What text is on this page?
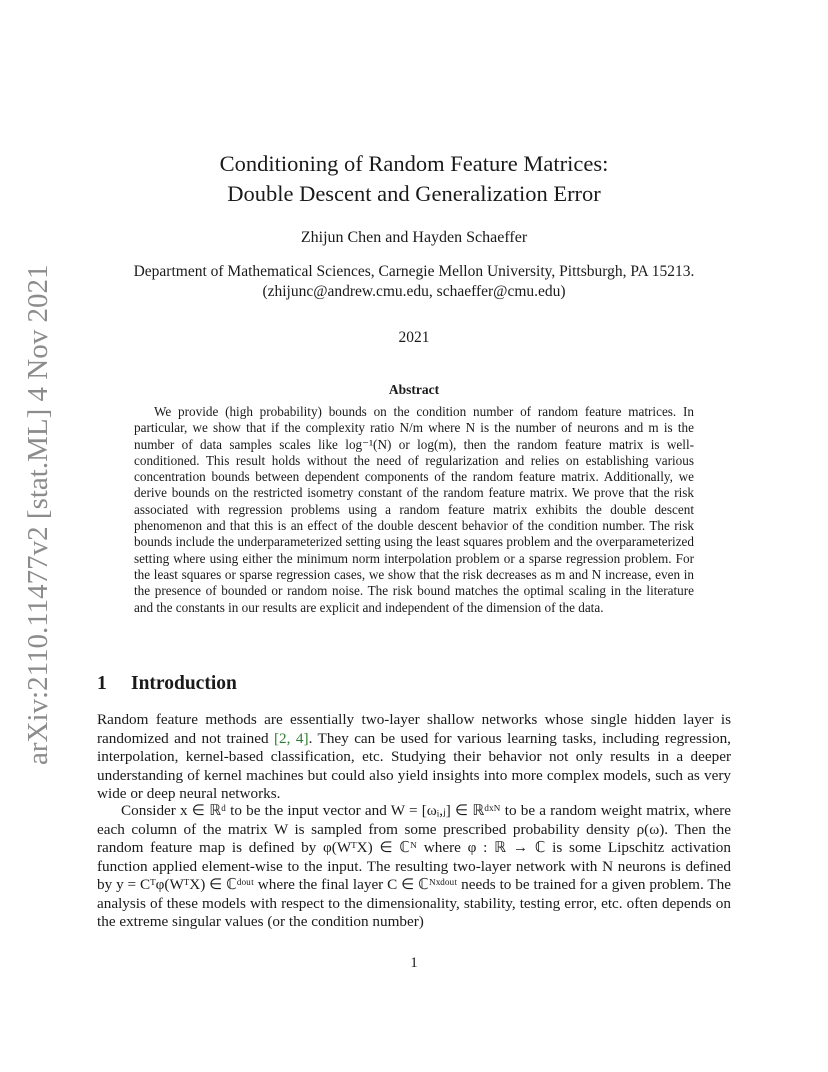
arXiv:2110.11477v2 [stat.ML] 4 Nov 2021
Conditioning of Random Feature Matrices:
Double Descent and Generalization Error
Zhijun Chen and Hayden Schaeffer
Department of Mathematical Sciences, Carnegie Mellon University, Pittsburgh, PA 15213.
(zhijunc@andrew.cmu.edu, schaeffer@cmu.edu)
2021
Abstract

We provide (high probability) bounds on the condition number of random feature matrices. In particular, we show that if the complexity ratio N/m where N is the number of neurons and m is the number of data samples scales like log⁻¹(N) or log(m), then the random feature matrix is well-conditioned. This result holds without the need of regularization and relies on establishing various concentration bounds between dependent components of the random feature matrix. Additionally, we derive bounds on the restricted isometry constant of the random feature matrix. We prove that the risk associated with regression problems using a random feature matrix exhibits the double descent phenomenon and that this is an effect of the double descent behavior of the condition number. The risk bounds include the underparameterized setting using the least squares problem and the overparameterized setting where using either the minimum norm interpolation problem or a sparse regression problem. For the least squares or sparse regression cases, we show that the risk decreases as m and N increase, even in the presence of bounded or random noise. The risk bound matches the optimal scaling in the literature and the constants in our results are explicit and independent of the dimension of the data.

1 Introduction

Random feature methods are essentially two-layer shallow networks whose single hidden layer is randomized and not trained [2, 4]. They can be used for various learning tasks, including regression, interpolation, kernel-based classification, etc. Studying their behavior not only results in a deeper understanding of kernel machines but could also yield insights into more complex models, such as very wide or deep neural networks.

Consider x ∈ ℝᵈ to be the input vector and W = [ωᵢ,ⱼ] ∈ ℝᵈˣᴺ to be a random weight matrix, where each column of the matrix W is sampled from some prescribed probability density ρ(ω). Then the random feature map is defined by φ(WᵀX) ∈ ℂᴺ where φ : ℝ → ℂ is some Lipschitz activation function applied element-wise to the input. The resulting two-layer network with N neurons is defined by y = Cᵀφ(WᵀX) ∈ ℂᵈᵒᵘᵗ where the final layer C ∈ ℂᴺˣᵈᵒᵘᵗ needs to be trained for a given problem. The analysis of these models with respect to the dimensionality, stability, testing error, etc. often depends on the extreme singular values (or the condition number)

1
